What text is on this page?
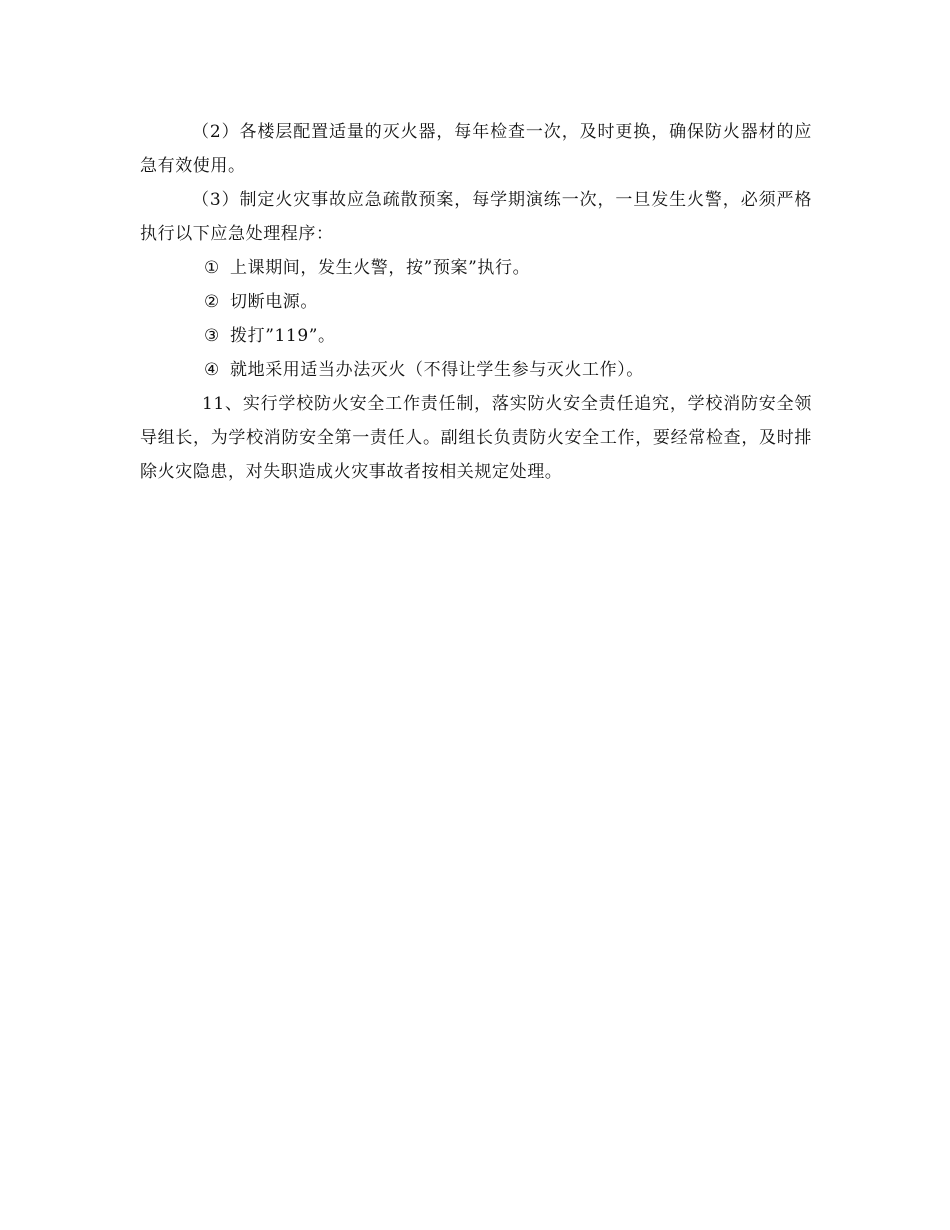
（2）各楼层配置适量的灭火器，每年检查一次，及时更换，确保防火器材的应急有效使用。

（3）制定火灾事故应急疏散预案，每学期演练一次，一旦发生火警，必须严格执行以下应急处理程序：

① 上课期间，发生火警，按”预案”执行。

② 切断电源。

③ 拨打”119”。

④ 就地采用适当办法灭火（不得让学生参与灭火工作）。

11、实行学校防火安全工作责任制，落实防火安全责任追究，学校消防安全领导组长，为学校消防安全第一责任人。副组长负责防火安全工作，要经常检查，及时排除火灾隐患，对失职造成火灾事故者按相关规定处理。
